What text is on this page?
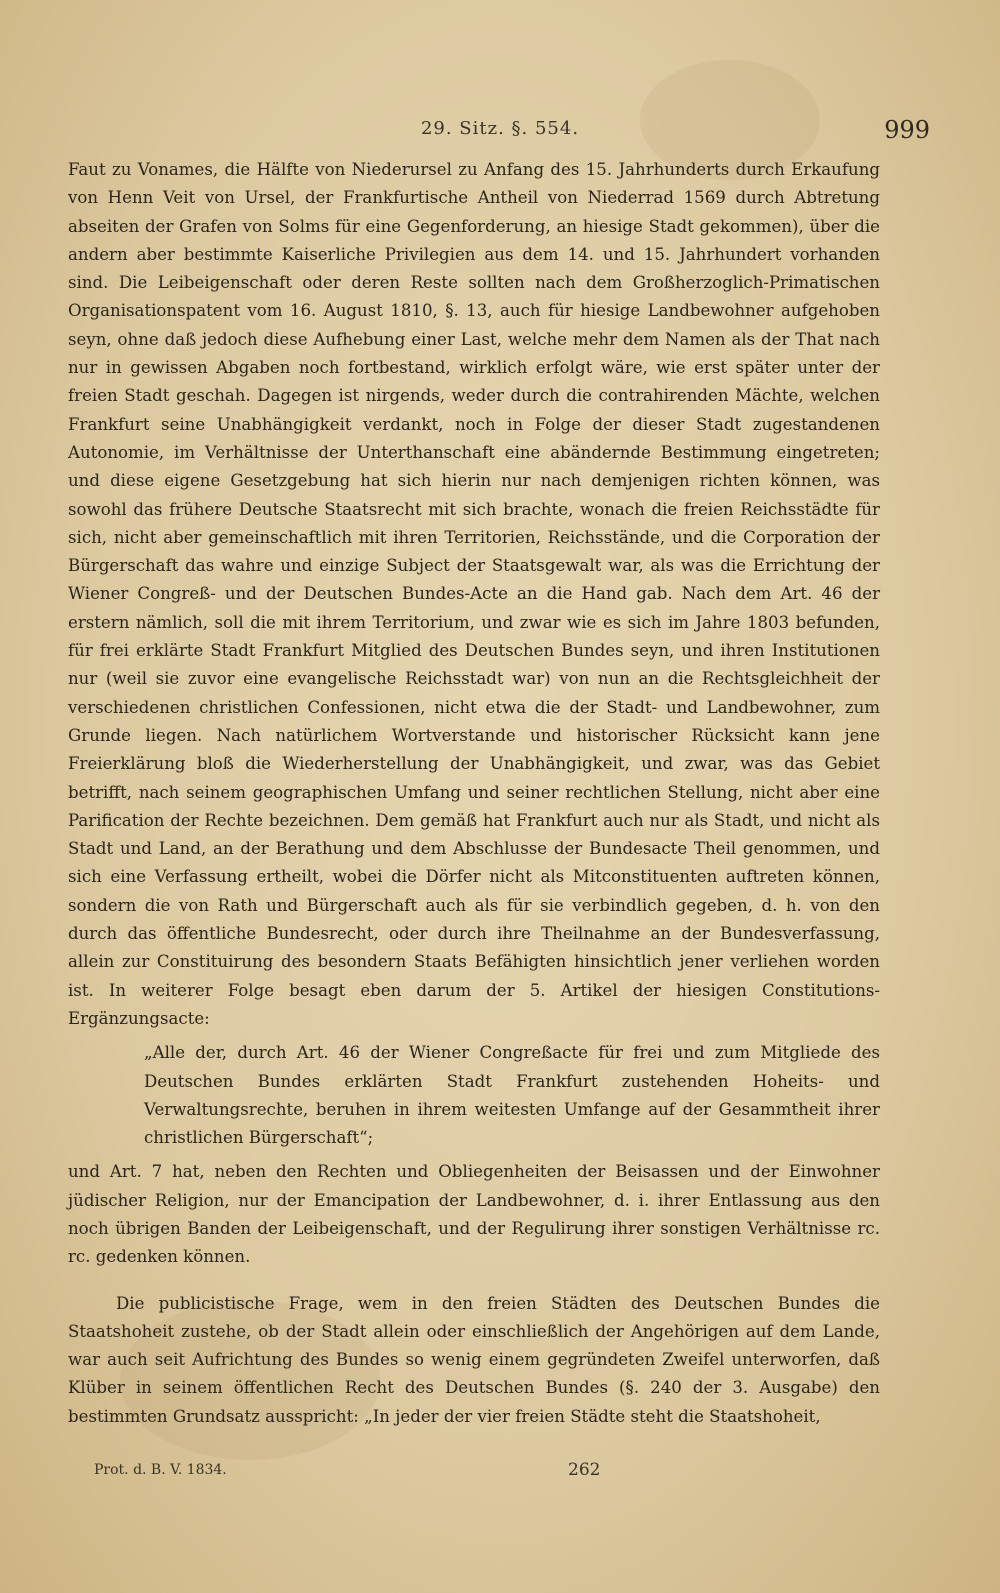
29. Sitz. §. 554.	999

Faut zu Vonames, die Hälfte von Niederursel zu Anfang des 15. Jahrhunderts durch Erkaufung von Henn Veit von Ursel, der Frankfurtische Antheil von Niederrad 1569 durch Abtretung abseiten der Grafen von Solms für eine Gegenforderung, an hiesige Stadt gekommen), über die andern aber bestimmte Kaiserliche Privilegien aus dem 14. und 15. Jahrhundert vorhanden sind. Die Leibeigenschaft oder deren Reste sollten nach dem Großherzoglich-Primatischen Organisationspatent vom 16. August 1810, §. 13, auch für hiesige Landbewohner aufgehoben seyn, ohne daß jedoch diese Aufhebung einer Last, welche mehr dem Namen als der That nach nur in gewissen Abgaben noch fortbestand, wirklich erfolgt wäre, wie erst später unter der freien Stadt geschah. Dagegen ist nirgends, weder durch die contrahirenden Mächte, welchen Frankfurt seine Unabhängigkeit verdankt, noch in Folge der dieser Stadt zugestandenen Autonomie, im Verhältnisse der Unterthanschaft eine abändernde Bestimmung eingetreten; und diese eigene Gesetzgebung hat sich hierin nur nach demjenigen richten können, was sowohl das frühere Deutsche Staatsrecht mit sich brachte, wonach die freien Reichsstädte für sich, nicht aber gemeinschaftlich mit ihren Territorien, Reichsstände, und die Corporation der Bürgerschaft das wahre und einzige Subject der Staatsgewalt war, als was die Errichtung der Wiener Congreß- und der Deutschen Bundes-Acte an die Hand gab. Nach dem Art. 46 der erstern nämlich, soll die mit ihrem Territorium, und zwar wie es sich im Jahre 1803 befunden, für frei erklärte Stadt Frankfurt Mitglied des Deutschen Bundes seyn, und ihren Institutionen nur (weil sie zuvor eine evangelische Reichsstadt war) von nun an die Rechtsgleichheit der verschiedenen christlichen Confessionen, nicht etwa die der Stadt- und Landbewohner, zum Grunde liegen. Nach natürlichem Wortverstande und historischer Rücksicht kann jene Freierklärung bloß die Wiederherstellung der Unabhängigkeit, und zwar, was das Gebiet betrifft, nach seinem geographischen Umfang und seiner rechtlichen Stellung, nicht aber eine Parification der Rechte bezeichnen. Dem gemäß hat Frankfurt auch nur als Stadt, und nicht als Stadt und Land, an der Berathung und dem Abschlusse der Bundesacte Theil genommen, und sich eine Verfassung ertheilt, wobei die Dörfer nicht als Mitconstituenten auftreten können, sondern die von Rath und Bürgerschaft auch als für sie verbindlich gegeben, d. h. von den durch das öffentliche Bundesrecht, oder durch ihre Theilnahme an der Bundesverfassung, allein zur Constituirung des besondern Staats Befähigten hinsichtlich jener verliehen worden ist. In weiterer Folge besagt eben darum der 5. Artikel der hiesigen Constitutions-Ergänzungsacte:

„Alle der, durch Art. 46 der Wiener Congreßacte für frei und zum Mitgliede des Deutschen Bundes erklärten Stadt Frankfurt zustehenden Hoheits- und Verwaltungsrechte, beruhen in ihrem weitesten Umfange auf der Gesammtheit ihrer christlichen Bürgerschaft“;

und Art. 7 hat, neben den Rechten und Obliegenheiten der Beisassen und der Einwohner jüdischer Religion, nur der Emancipation der Landbewohner, d. i. ihrer Entlassung aus den noch übrigen Banden der Leibeigenschaft, und der Regulirung ihrer sonstigen Verhältnisse rc. rc. gedenken können.

Die publicistische Frage, wem in den freien Städten des Deutschen Bundes die Staatshoheit zustehe, ob der Stadt allein oder einschließlich der Angehörigen auf dem Lande, war auch seit Aufrichtung des Bundes so wenig einem gegründeten Zweifel unterworfen, daß Klüber in seinem öffentlichen Recht des Deutschen Bundes (§. 240 der 3. Ausgabe) den bestimmten Grundsatz ausspricht: „In jeder der vier freien Städte steht die Staatshoheit,

Prot. d. B. V. 1834.	262
